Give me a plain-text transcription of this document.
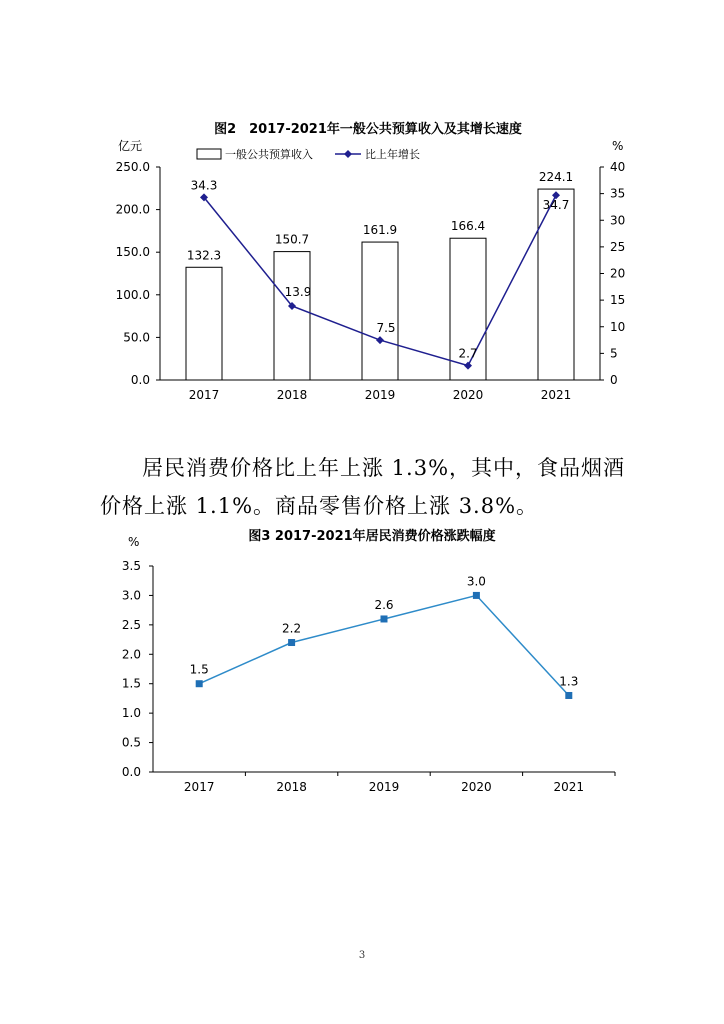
图2　2017-2021年一般公共预算收入及其增长速度
亿元	%
一般公共预算收入	比上年增长
250.0
200.0
150.0
100.0
50.0
0.0
40
35
30
25
20
15
10
5
0
2017	2018	2019	2020	2021
132.3
150.7
161.9	166.4
224.1
34.3
13.9
7.5
2.7
34.7

居民消费价格比上年上涨 1.3%，其中，食品烟酒价格上涨 1.1%。商品零售价格上涨 3.8%。

图3 2017-2021年居民消费价格涨跌幅度
%
3.5
3.0
2.5
2.0
1.5
1.0
0.5
0.0
2017	2018	2019	2020	2021
1.5
2.2
2.6
3.0
1.3
3
